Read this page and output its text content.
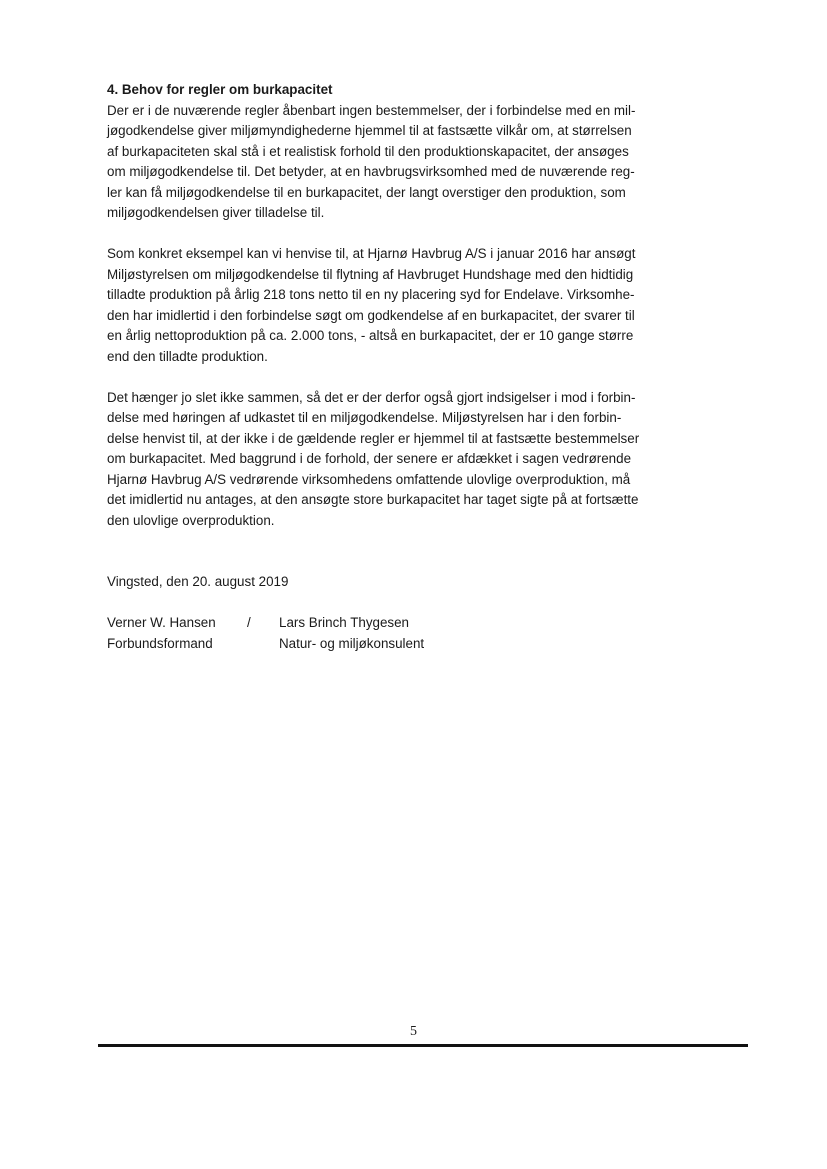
4. Behov for regler om burkapacitet

Der er i de nuværende regler åbenbart ingen bestemmelser, der i forbindelse med en mil-
jøgodkendelse giver miljømyndighederne hjemmel til at fastsætte vilkår om, at størrelsen
af burkapaciteten skal stå i et realistisk forhold til den produktionskapacitet, der ansøges
om miljøgodkendelse til. Det betyder, at en havbrugsvirksomhed med de nuværende reg-
ler kan få miljøgodkendelse til en burkapacitet, der langt overstiger den produktion, som
miljøgodkendelsen giver tilladelse til.

Som konkret eksempel kan vi henvise til, at Hjarnø Havbrug A/S i januar 2016 har ansøgt
Miljøstyrelsen om miljøgodkendelse til flytning af Havbruget Hundshage med den hidtidig
tilladte produktion på årlig 218 tons netto til en ny placering syd for Endelave. Virksomhe-
den har imidlertid i den forbindelse søgt om godkendelse af en burkapacitet, der svarer til
en årlig nettoproduktion på ca. 2.000 tons, - altså en burkapacitet, der er 10 gange større
end den tilladte produktion.

Det hænger jo slet ikke sammen, så det er der derfor også gjort indsigelser i mod i forbin-
delse med høringen af udkastet til en miljøgodkendelse. Miljøstyrelsen har i den forbin-
delse henvist til, at der ikke i de gældende regler er hjemmel til at fastsætte bestemmelser
om burkapacitet. Med baggrund i de forhold, der senere er afdækket i sagen vedrørende
Hjarnø Havbrug A/S vedrørende virksomhedens omfattende ulovlige overproduktion, må
det imidlertid nu antages, at den ansøgte store burkapacitet har taget sigte på at fortsætte
den ulovlige overproduktion.

Vingsted, den 20. august 2019

Verner W. Hansen	/	Lars Brinch Thygesen
Forbundsformand	Natur- og miljøkonsulent
5
